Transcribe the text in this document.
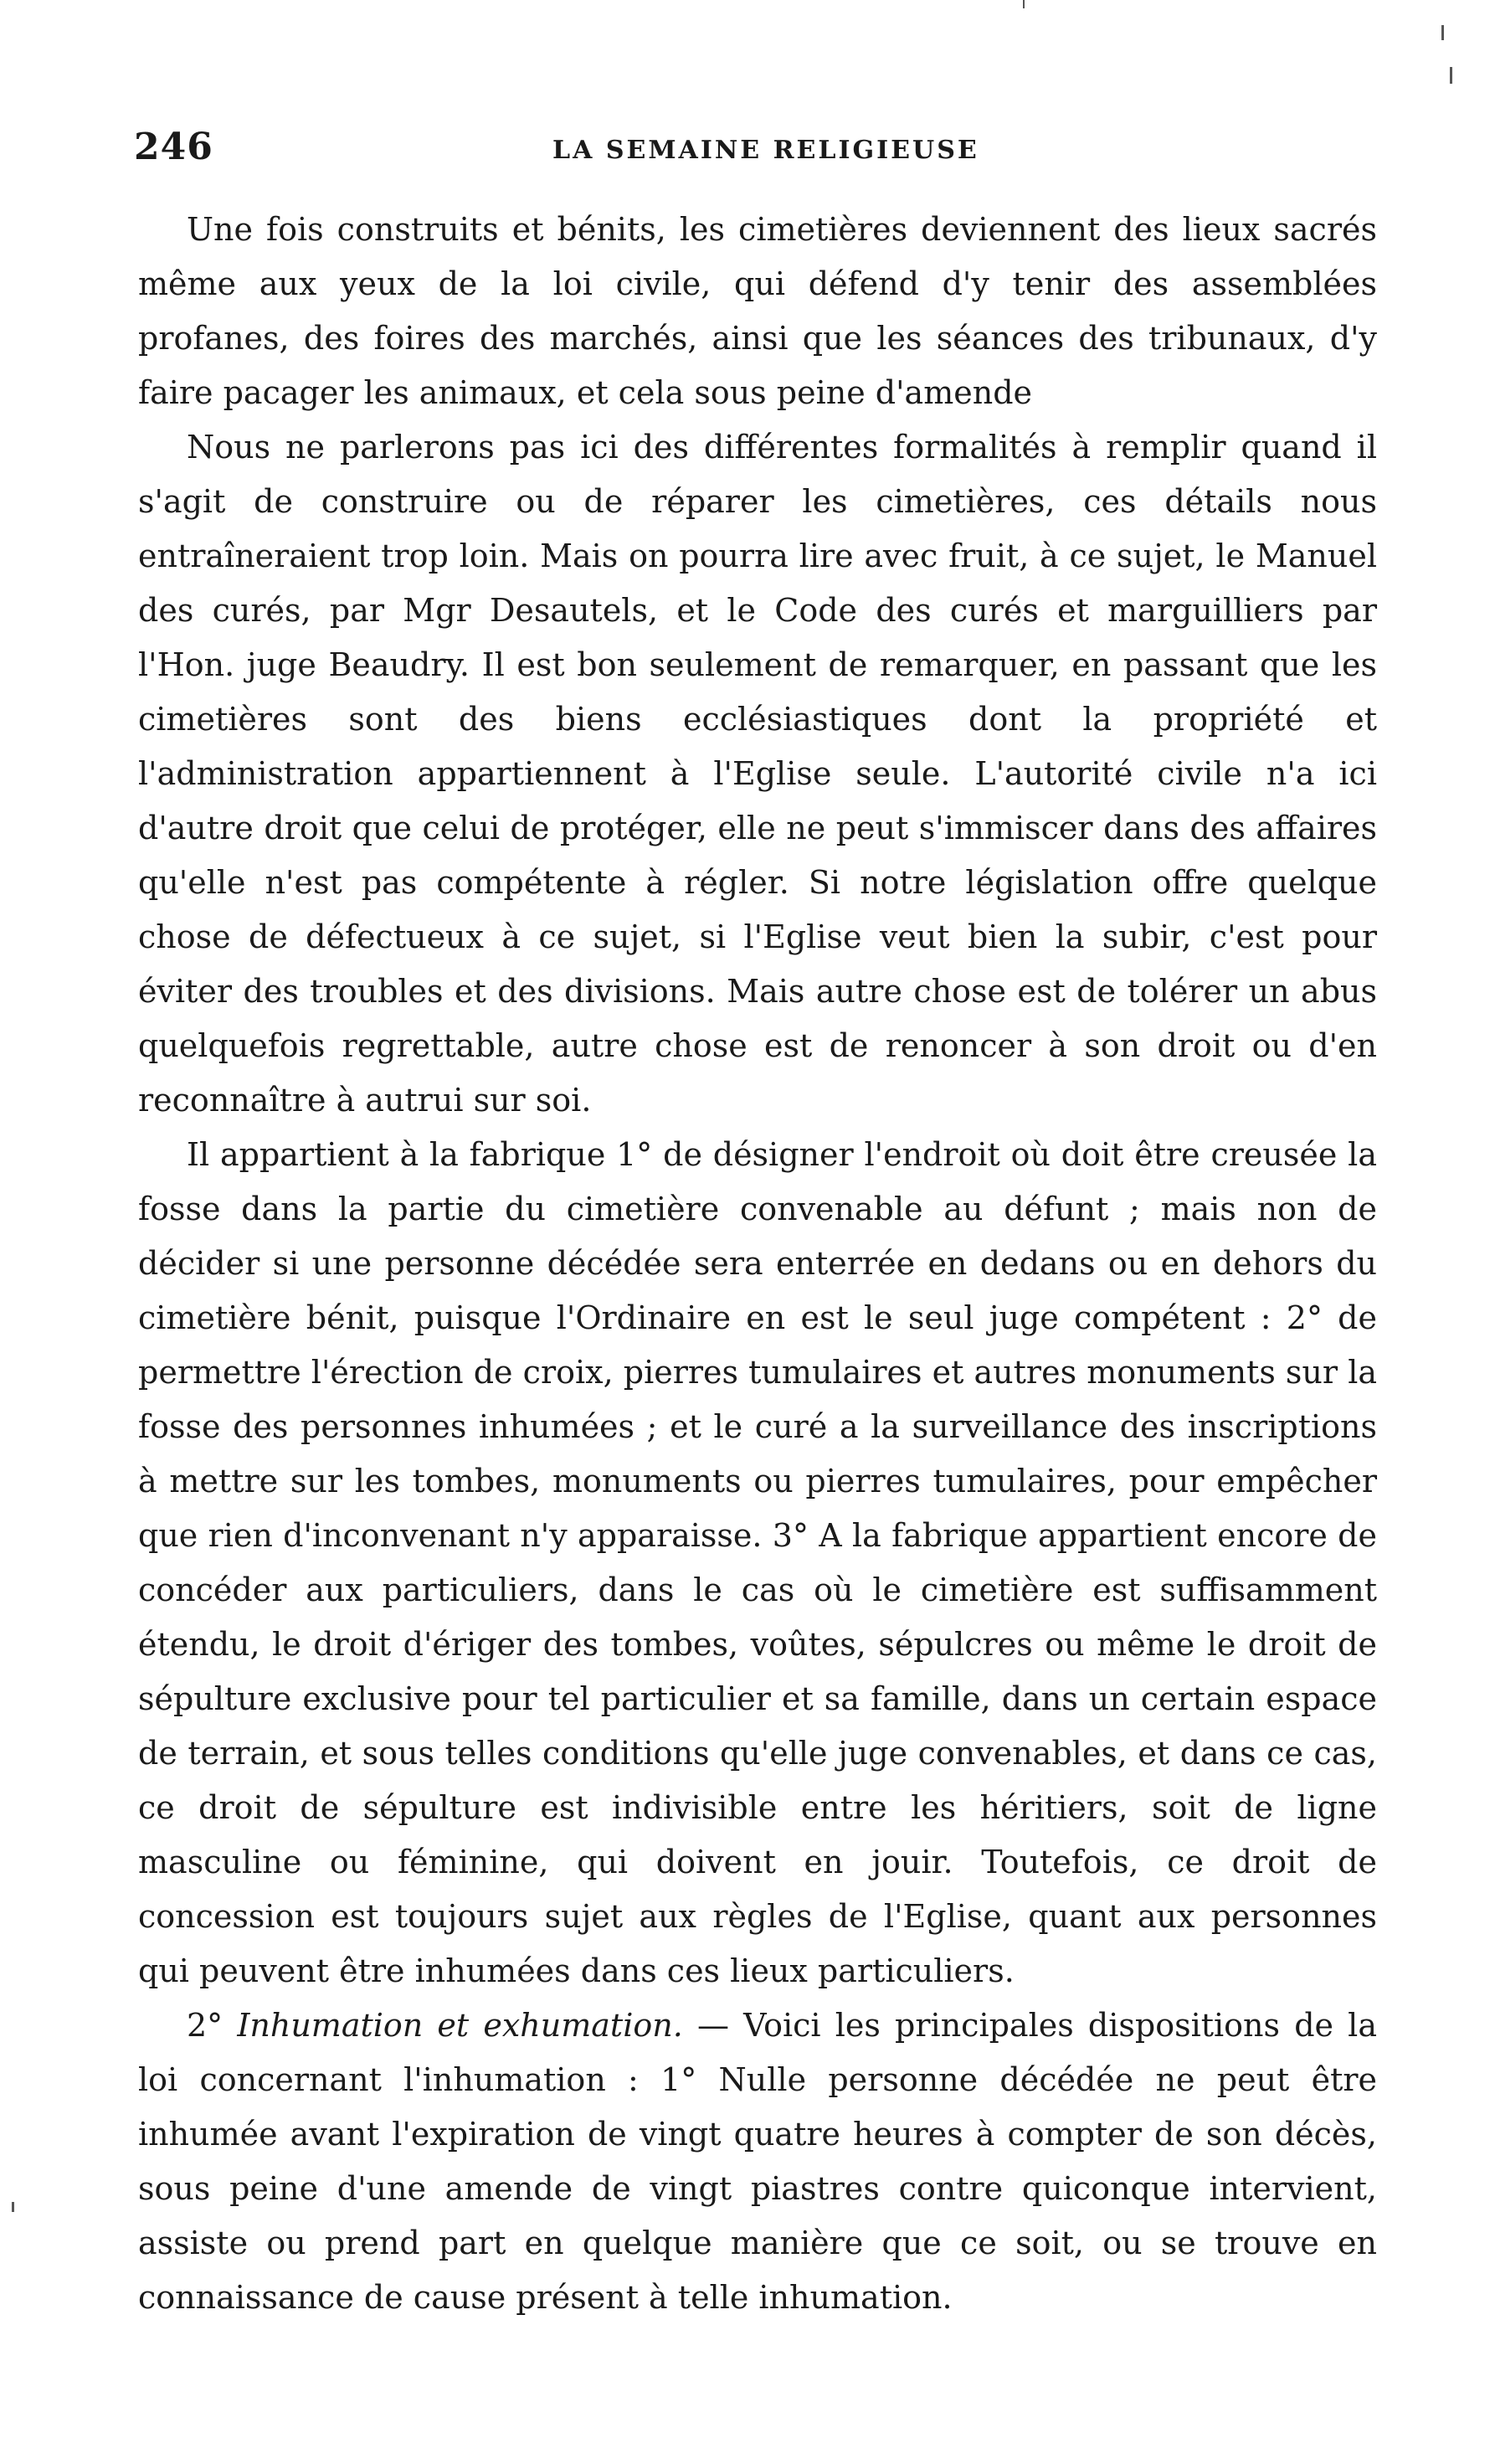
246	LA SEMAINE RELIGIEUSE

Une fois construits et bénits, les cimetières deviennent des lieux sacrés même aux yeux de la loi civile, qui défend d'y tenir des assemblées profanes, des foires des marchés, ainsi que les séances des tribunaux, d'y faire pacager les animaux, et cela sous peine d'amende

Nous ne parlerons pas ici des différentes formalités à remplir quand il s'agit de construire ou de réparer les cimetières, ces détails nous entraîneraient trop loin. Mais on pourra lire avec fruit, à ce sujet, le Manuel des curés, par Mgr Desautels, et le Code des curés et marguilliers par l'Hon. juge Beaudry. Il est bon seulement de remarquer, en passant que les cimetières sont des biens ecclésiastiques dont la propriété et l'administration appartiennent à l'Eglise seule. L'autorité civile n'a ici d'autre droit que celui de protéger, elle ne peut s'immiscer dans des affaires qu'elle n'est pas compétente à régler. Si notre législation offre quelque chose de défectueux à ce sujet, si l'Eglise veut bien la subir, c'est pour éviter des troubles et des divisions. Mais autre chose est de tolérer un abus quelquefois regrettable, autre chose est de renoncer à son droit ou d'en reconnaître à autrui sur soi.

Il appartient à la fabrique 1° de désigner l'endroit où doit être creusée la fosse dans la partie du cimetière convenable au défunt ; mais non de décider si une personne décédée sera enterrée en dedans ou en dehors du cimetière bénit, puisque l'Ordinaire en est le seul juge compétent : 2° de permettre l'érection de croix, pierres tumulaires et autres monuments sur la fosse des personnes inhumées ; et le curé a la surveillance des inscriptions à mettre sur les tombes, monuments ou pierres tumulaires, pour empêcher que rien d'inconvenant n'y apparaisse. 3° A la fabrique appartient encore de concéder aux particuliers, dans le cas où le cimetière est suffisamment étendu, le droit d'ériger des tombes, voûtes, sépulcres ou même le droit de sépulture exclusive pour tel particulier et sa famille, dans un certain espace de terrain, et sous telles conditions qu'elle juge convenables, et dans ce cas, ce droit de sépulture est indivisible entre les héritiers, soit de ligne masculine ou féminine, qui doivent en jouir. Toutefois, ce droit de concession est toujours sujet aux règles de l'Eglise, quant aux personnes qui peuvent être inhumées dans ces lieux particuliers.

2° Inhumation et exhumation. — Voici les principales dispositions de la loi concernant l'inhumation : 1° Nulle personne décédée ne peut être inhumée avant l'expiration de vingt quatre heures à compter de son décès, sous peine d'une amende de vingt piastres contre quiconque intervient, assiste ou prend part en quelque manière que ce soit, ou se trouve en connaissance de cause présent à telle inhumation.
